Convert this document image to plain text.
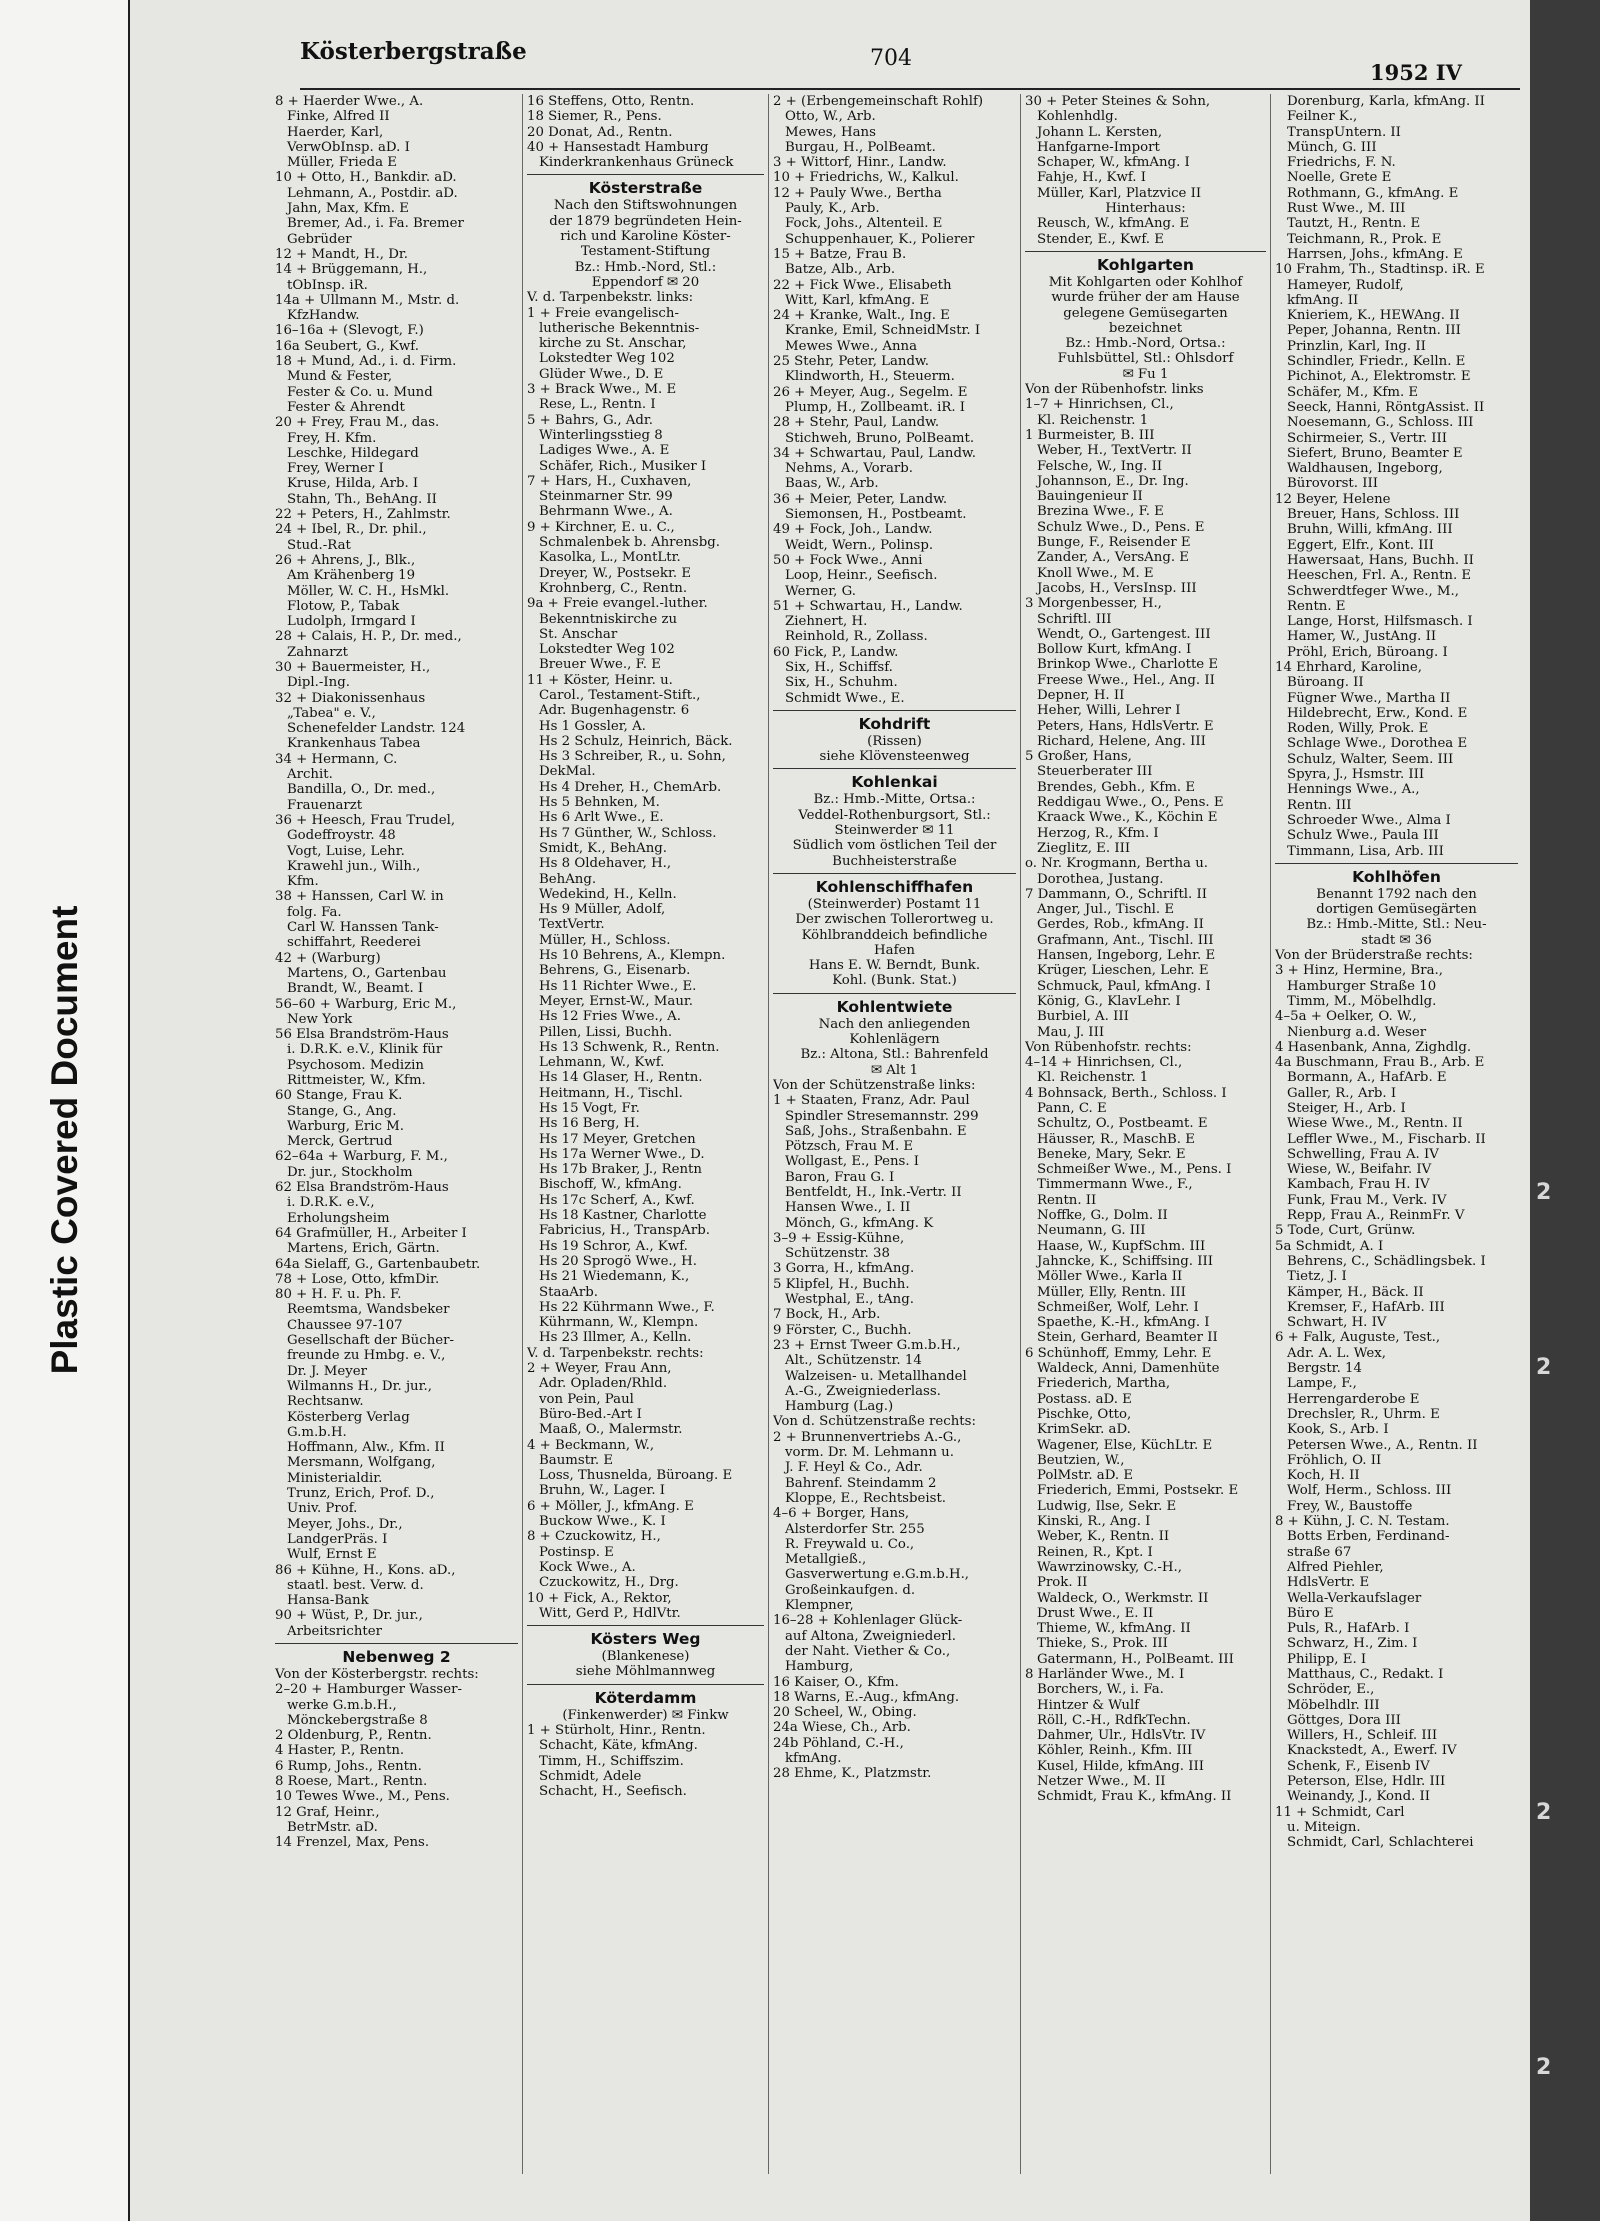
Plastic Covered Document	2
2
2
2
Kösterbergstraße	704
1952 IV
8 + Haerder Wwe., A.
Finke, Alfred II
Haerder, Karl,
VerwObInsp. aD. I
Müller, Frieda E
10 + Otto, H., Bankdir. aD.
Lehmann, A., Postdir. aD.
Jahn, Max, Kfm. E
Bremer, Ad., i. Fa. Bremer
Gebrüder
12 + Mandt, H., Dr.
14 + Brüggemann, H.,
tObInsp. iR.
14a + Ullmann M., Mstr. d.
KfzHandw.
16–16a + (Slevogt, F.)
16a Seubert, G., Kwf.
18 + Mund, Ad., i. d. Firm.
Mund & Fester,
Fester & Co. u. Mund
Fester & Ahrendt
20 + Frey, Frau M., das.
Frey, H. Kfm.
Leschke, Hildegard
Frey, Werner I
Kruse, Hilda, Arb. I
Stahn, Th., BehAng. II
22 + Peters, H., Zahlmstr.
24 + Ibel, R., Dr. phil.,
Stud.-Rat
26 + Ahrens, J., Blk.,
Am Krähenberg 19
Möller, W. C. H., HsMkl.
Flotow, P., Tabak
Ludolph, Irmgard I
28 + Calais, H. P., Dr. med.,
Zahnarzt
30 + Bauermeister, H.,
Dipl.-Ing.
32 + Diakonissenhaus
„Tabea" e. V.,
Schenefelder Landstr. 124
Krankenhaus Tabea
34 + Hermann, C.
Archit.
Bandilla, O., Dr. med.,
Frauenarzt
36 + Heesch, Frau Trudel,
Godeffroystr. 48
Vogt, Luise, Lehr.
Krawehl jun., Wilh.,
Kfm.
38 + Hanssen, Carl W. in
folg. Fa.
Carl W. Hanssen Tank-
schiffahrt, Reederei
42 + (Warburg)
Martens, O., Gartenbau
Brandt, W., Beamt. I
56–60 + Warburg, Eric M.,
New York
56 Elsa Brandström-Haus
i. D.R.K. e.V., Klinik für
Psychosom. Medizin
Rittmeister, W., Kfm.
60 Stange, Frau K.
Stange, G., Ang.
Warburg, Eric M.
Merck, Gertrud
62–64a + Warburg, F. M.,
Dr. jur., Stockholm
62 Elsa Brandström-Haus
i. D.R.K. e.V.,
Erholungsheim
64 Grafmüller, H., Arbeiter I
Martens, Erich, Gärtn.
64a Sielaff, G., Gartenbaubetr.
78 + Lose, Otto, kfmDir.
80 + H. F. u. Ph. F.
Reemtsma, Wandsbeker
Chaussee 97-107
Gesellschaft der Bücher-
freunde zu Hmbg. e. V.,
Dr. J. Meyer
Wilmanns H., Dr. jur.,
Rechtsanw.
Kösterberg Verlag
G.m.b.H.
Hoffmann, Alw., Kfm. II
Mersmann, Wolfgang,
Ministerialdir.
Trunz, Erich, Prof. D.,
Univ. Prof.
Meyer, Johs., Dr.,
LandgerPräs. I
Wulf, Ernst E
86 + Kühne, H., Kons. aD.,
staatl. best. Verw. d.
Hansa-Bank
90 + Wüst, P., Dr. jur.,
Arbeitsrichter
Nebenweg 2
Von der Kösterbergstr. rechts:
2–20 + Hamburger Wasser-
werke G.m.b.H.,
Mönckebergstraße 8
2 Oldenburg, P., Rentn.
4 Haster, P., Rentn.
6 Rump, Johs., Rentn.
8 Roese, Mart., Rentn.
10 Tewes Wwe., M., Pens.
12 Graf, Heinr.,
BetrMstr. aD.
14 Frenzel, Max, Pens.
16 Steffens, Otto, Rentn.
18 Siemer, R., Pens.
20 Donat, Ad., Rentn.
40 + Hansestadt Hamburg
Kinderkrankenhaus Grüneck
Kösterstraße
Nach den Stiftswohnungen
der 1879 begründeten Hein-
rich und Karoline Köster-
Testament-Stiftung
Bz.: Hmb.-Nord, Stl.:
Eppendorf ✉ 20
V. d. Tarpenbekstr. links:
1 + Freie evangelisch-
lutherische Bekenntnis-
kirche zu St. Anschar,
Lokstedter Weg 102
Glüder Wwe., D. E
3 + Brack Wwe., M. E
Rese, L., Rentn. I
5 + Bahrs, G., Adr.
Winterlingsstieg 8
Ladiges Wwe., A. E
Schäfer, Rich., Musiker I
7 + Hars, H., Cuxhaven,
Steinmarner Str. 99
Behrmann Wwe., A.
9 + Kirchner, E. u. C.,
Schmalenbek b. Ahrensbg.
Kasolka, L., MontLtr.
Dreyer, W., Postsekr. E
Krohnberg, C., Rentn.
9a + Freie evangel.-luther.
Bekenntniskirche zu
St. Anschar
Lokstedter Weg 102
Breuer Wwe., F. E
11 + Köster, Heinr. u.
Carol., Testament-Stift.,
Adr. Bugenhagenstr. 6
Hs 1 Gossler, A.
Hs 2 Schulz, Heinrich, Bäck.
Hs 3 Schreiber, R., u. Sohn,
DekMal.
Hs 4 Dreher, H., ChemArb.
Hs 5 Behnken, M.
Hs 6 Arlt Wwe., E.
Hs 7 Günther, W., Schloss.
Smidt, K., BehAng.
Hs 8 Oldehaver, H.,
BehAng.
Wedekind, H., Kelln.
Hs 9 Müller, Adolf,
TextVertr.
Müller, H., Schloss.
Hs 10 Behrens, A., Klempn.
Behrens, G., Eisenarb.
Hs 11 Richter Wwe., E.
Meyer, Ernst-W., Maur.
Hs 12 Fries Wwe., A.
Pillen, Lissi, Buchh.
Hs 13 Schwenk, R., Rentn.
Lehmann, W., Kwf.
Hs 14 Glaser, H., Rentn.
Heitmann, H., Tischl.
Hs 15 Vogt, Fr.
Hs 16 Berg, H.
Hs 17 Meyer, Gretchen
Hs 17a Werner Wwe., D.
Hs 17b Braker, J., Rentn
Bischoff, W., kfmAng.
Hs 17c Scherf, A., Kwf.
Hs 18 Kastner, Charlotte
Fabricius, H., TranspArb.
Hs 19 Schror, A., Kwf.
Hs 20 Sprogö Wwe., H.
Hs 21 Wiedemann, K.,
StaaArb.
Hs 22 Kührmann Wwe., F.
Kührmann, W., Klempn.
Hs 23 Illmer, A., Kelln.
V. d. Tarpenbekstr. rechts:
2 + Weyer, Frau Ann,
Adr. Opladen/Rhld.
von Pein, Paul
Büro-Bed.-Art I
Maaß, O., Malermstr.
4 + Beckmann, W.,
Baumstr. E
Loss, Thusnelda, Büroang. E
Bruhn, W., Lager. I
6 + Möller, J., kfmAng. E
Buckow Wwe., K. I
8 + Czuckowitz, H.,
Postinsp. E
Kock Wwe., A.
Czuckowitz, H., Drg.
10 + Fick, A., Rektor,
Witt, Gerd P., HdlVtr.
Kösters Weg
(Blankenese)
siehe Möhlmannweg
Köterdamm
(Finkenwerder) ✉ Finkw
1 + Stürholt, Hinr., Rentn.
Schacht, Käte, kfmAng.
Timm, H., Schiffszim.
Schmidt, Adele
Schacht, H., Seefisch.
2 + (Erbengemeinschaft Rohlf)
Otto, W., Arb.
Mewes, Hans
Burgau, H., PolBeamt.
3 + Wittorf, Hinr., Landw.
10 + Friedrichs, W., Kalkul.
12 + Pauly Wwe., Bertha
Pauly, K., Arb.
Fock, Johs., Altenteil. E
Schuppenhauer, K., Polierer
15 + Batze, Frau B.
Batze, Alb., Arb.
22 + Fick Wwe., Elisabeth
Witt, Karl, kfmAng. E
24 + Kranke, Walt., Ing. E
Kranke, Emil, SchneidMstr. I
Mewes Wwe., Anna
25 Stehr, Peter, Landw.
Klindworth, H., Steuerm.
26 + Meyer, Aug., Segelm. E
Plump, H., Zollbeamt. iR. I
28 + Stehr, Paul, Landw.
Stichweh, Bruno, PolBeamt.
34 + Schwartau, Paul, Landw.
Nehms, A., Vorarb.
Baas, W., Arb.
36 + Meier, Peter, Landw.
Siemonsen, H., Postbeamt.
49 + Fock, Joh., Landw.
Weidt, Wern., Polinsp.
50 + Fock Wwe., Anni
Loop, Heinr., Seefisch.
Werner, G.
51 + Schwartau, H., Landw.
Ziehnert, H.
Reinhold, R., Zollass.
60 Fick, P., Landw.
Six, H., Schiffsf.
Six, H., Schuhm.
Schmidt Wwe., E.
Kohdrift
(Rissen)
siehe Klövensteenweg
Kohlenkai
Bz.: Hmb.-Mitte, Ortsa.:
Veddel-Rothenburgsort, Stl.:
Steinwerder ✉ 11
Südlich vom östlichen Teil der
Buchheisterstraße
Kohlenschiffhafen
(Steinwerder) Postamt 11
Der zwischen Tollerortweg u.
Köhlbranddeich befindliche
Hafen
Hans E. W. Berndt, Bunk.
Kohl. (Bunk. Stat.)
Kohlentwiete
Nach den anliegenden
Kohlenlägern
Bz.: Altona, Stl.: Bahrenfeld
✉ Alt 1
Von der Schützenstraße links:
1 + Staaten, Franz, Adr. Paul
Spindler Stresemannstr. 299
Saß, Johs., Straßenbahn. E
Pötzsch, Frau M. E
Wollgast, E., Pens. I
Baron, Frau G. I
Bentfeldt, H., Ink.-Vertr. II
Hansen Wwe., I. II
Mönch, G., kfmAng. K
3–9 + Essig-Kühne,
Schützenstr. 38
3 Gorra, H., kfmAng.
5 Klipfel, H., Buchh.
Westphal, E., tAng.
7 Bock, H., Arb.
9 Förster, C., Buchh.
23 + Ernst Tweer G.m.b.H.,
Alt., Schützenstr. 14
Walzeisen- u. Metallhandel
A.-G., Zweigniederlass.
Hamburg (Lag.)
Von d. Schützenstraße rechts:
2 + Brunnenvertriebs A.-G.,
vorm. Dr. M. Lehmann u.
J. F. Heyl & Co., Adr.
Bahrenf. Steindamm 2
Kloppe, E., Rechtsbeist.
4–6 + Borger, Hans,
Alsterdorfer Str. 255
R. Freywald u. Co.,
Metallgieß.,
Gasverwertung e.G.m.b.H.,
Großeinkaufgen. d.
Klempner,
16–28 + Kohlenlager Glück-
auf Altona, Zweigniederl.
der Naht. Viether & Co.,
Hamburg,
16 Kaiser, O., Kfm.
18 Warns, E.-Aug., kfmAng.
20 Scheel, W., Obing.
24a Wiese, Ch., Arb.
24b Pöhland, C.-H.,
kfmAng.
28 Ehme, K., Platzmstr.
30 + Peter Steines & Sohn,
Kohlenhdlg.
Johann L. Kersten,
Hanfgarne-Import
Schaper, W., kfmAng. I
Fahje, H., Kwf. I
Müller, Karl, Platzvice II
Hinterhaus:
Reusch, W., kfmAng. E
Stender, E., Kwf. E
Kohlgarten
Mit Kohlgarten oder Kohlhof
wurde früher der am Hause
gelegene Gemüsegarten
bezeichnet
Bz.: Hmb.-Nord, Ortsa.:
Fuhlsbüttel, Stl.: Ohlsdorf
✉ Fu 1
Von der Rübenhofstr. links
1–7 + Hinrichsen, Cl.,
Kl. Reichenstr. 1
1 Burmeister, B. III
Weber, H., TextVertr. II
Felsche, W., Ing. II
Johannson, E., Dr. Ing.
Bauingenieur II
Brezina Wwe., F. E
Schulz Wwe., D., Pens. E
Bunge, F., Reisender E
Zander, A., VersAng. E
Knoll Wwe., M. E
Jacobs, H., VersInsp. III
3 Morgenbesser, H.,
Schriftl. III
Wendt, O., Gartengest. III
Bollow Kurt, kfmAng. I
Brinkop Wwe., Charlotte E
Freese Wwe., Hel., Ang. II
Depner, H. II
Heher, Willi, Lehrer I
Peters, Hans, HdlsVertr. E
Richard, Helene, Ang. III
5 Großer, Hans,
Steuerberater III
Brendes, Gebh., Kfm. E
Reddigau Wwe., O., Pens. E
Kraack Wwe., K., Köchin E
Herzog, R., Kfm. I
Zieglitz, E. III
o. Nr. Krogmann, Bertha u.
Dorothea, Justang.
7 Dammann, O., Schriftl. II
Anger, Jul., Tischl. E
Gerdes, Rob., kfmAng. II
Grafmann, Ant., Tischl. III
Hansen, Ingeborg, Lehr. E
Krüger, Lieschen, Lehr. E
Schmuck, Paul, kfmAng. I
König, G., KlavLehr. I
Burbiel, A. III
Mau, J. III
Von Rübenhofstr. rechts:
4–14 + Hinrichsen, Cl.,
Kl. Reichenstr. 1
4 Bohnsack, Berth., Schloss. I
Pann, C. E
Schultz, O., Postbeamt. E
Häusser, R., MaschB. E
Beneke, Mary, Sekr. E
Schmeißer Wwe., M., Pens. I
Timmermann Wwe., F.,
Rentn. II
Noffke, G., Dolm. II
Neumann, G. III
Haase, W., KupfSchm. III
Jahncke, K., Schiffsing. III
Möller Wwe., Karla II
Müller, Elly, Rentn. III
Schmeißer, Wolf, Lehr. I
Spaethe, K.-H., kfmAng. I
Stein, Gerhard, Beamter II
6 Schünhoff, Emmy, Lehr. E
Waldeck, Anni, Damenhüte
Friederich, Martha,
Postass. aD. E
Pischke, Otto,
KrimSekr. aD.
Wagener, Else, KüchLtr. E
Beutzien, W.,
PolMstr. aD. E
Friederich, Emmi, Postsekr. E
Ludwig, Ilse, Sekr. E
Kinski, R., Ang. I
Weber, K., Rentn. II
Reinen, R., Kpt. I
Wawrzinowsky, C.-H.,
Prok. II
Waldeck, O., Werkmstr. II
Drust Wwe., E. II
Thieme, W., kfmAng. II
Thieke, S., Prok. III
Gatermann, H., PolBeamt. III
8 Harländer Wwe., M. I
Borchers, W., i. Fa.
Hintzer & Wulf
Röll, C.-H., RdfkTechn.
Dahmer, Ulr., HdlsVtr. IV
Köhler, Reinh., Kfm. III
Kusel, Hilde, kfmAng. III
Netzer Wwe., M. II
Schmidt, Frau K., kfmAng. II
Dorenburg, Karla, kfmAng. II
Feilner K.,
TranspUntern. II
Münch, G. III
Friedrichs, F. N.
Noelle, Grete E
Rothmann, G., kfmAng. E
Rust Wwe., M. III
Tautzt, H., Rentn. E
Teichmann, R., Prok. E
Harrsen, Johs., kfmAng. E
10 Frahm, Th., Stadtinsp. iR. E
Hameyer, Rudolf,
kfmAng. II
Knieriem, K., HEWAng. II
Peper, Johanna, Rentn. III
Prinzlin, Karl, Ing. II
Schindler, Friedr., Kelln. E
Pichinot, A., Elektromstr. E
Schäfer, M., Kfm. E
Seeck, Hanni, RöntgAssist. II
Noesemann, G., Schloss. III
Schirmeier, S., Vertr. III
Siefert, Bruno, Beamter E
Waldhausen, Ingeborg,
Bürovorst. III
12 Beyer, Helene
Breuer, Hans, Schloss. III
Bruhn, Willi, kfmAng. III
Eggert, Elfr., Kont. III
Hawersaat, Hans, Buchh. II
Heeschen, Frl. A., Rentn. E
Schwerdtfeger Wwe., M.,
Rentn. E
Lange, Horst, Hilfsmasch. I
Hamer, W., JustAng. II
Pröhl, Erich, Büroang. I
14 Ehrhard, Karoline,
Büroang. II
Fügner Wwe., Martha II
Hildebrecht, Erw., Kond. E
Roden, Willy, Prok. E
Schlage Wwe., Dorothea E
Schulz, Walter, Seem. III
Spyra, J., Hsmstr. III
Hennings Wwe., A.,
Rentn. III
Schroeder Wwe., Alma I
Schulz Wwe., Paula III
Timmann, Lisa, Arb. III
Kohlhöfen
Benannt 1792 nach den
dortigen Gemüsegärten
Bz.: Hmb.-Mitte, Stl.: Neu-
stadt ✉ 36
Von der Brüderstraße rechts:
3 + Hinz, Hermine, Bra.,
Hamburger Straße 10
Timm, M., Möbelhdlg.
4–5a + Oelker, O. W.,
Nienburg a.d. Weser
4 Hasenbank, Anna, Zighdlg.
4a Buschmann, Frau B., Arb. E
Bormann, A., HafArb. E
Galler, R., Arb. I
Steiger, H., Arb. I
Wiese Wwe., M., Rentn. II
Leffler Wwe., M., Fischarb. II
Schwelling, Frau A. IV
Wiese, W., Beifahr. IV
Kambach, Frau H. IV
Funk, Frau M., Verk. IV
Repp, Frau A., ReinmFr. V
5 Tode, Curt, Grünw.
5a Schmidt, A. I
Behrens, C., Schädlingsbek. I
Tietz, J. I
Kämper, H., Bäck. II
Kremser, F., HafArb. III
Schwart, H. IV
6 + Falk, Auguste, Test.,
Adr. A. L. Wex,
Bergstr. 14
Lampe, F.,
Herrengarderobe E
Drechsler, R., Uhrm. E
Kook, S., Arb. I
Petersen Wwe., A., Rentn. II
Fröhlich, O. II
Koch, H. II
Wolf, Herm., Schloss. III
Frey, W., Baustoffe
8 + Kühn, J. C. N. Testam.
Botts Erben, Ferdinand-
straße 67
Alfred Piehler,
HdlsVertr. E
Wella-Verkaufslager
Büro E
Puls, R., HafArb. I
Schwarz, H., Zim. I
Philipp, E. I
Matthaus, C., Redakt. I
Schröder, E.,
Möbelhdlr. III
Göttges, Dora III
Willers, H., Schleif. III
Knackstedt, A., Ewerf. IV
Schenk, F., Eisenb IV
Peterson, Else, Hdlr. III
Weinandy, J., Kond. II
11 + Schmidt, Carl
u. Miteign.
Schmidt, Carl, Schlachterei
